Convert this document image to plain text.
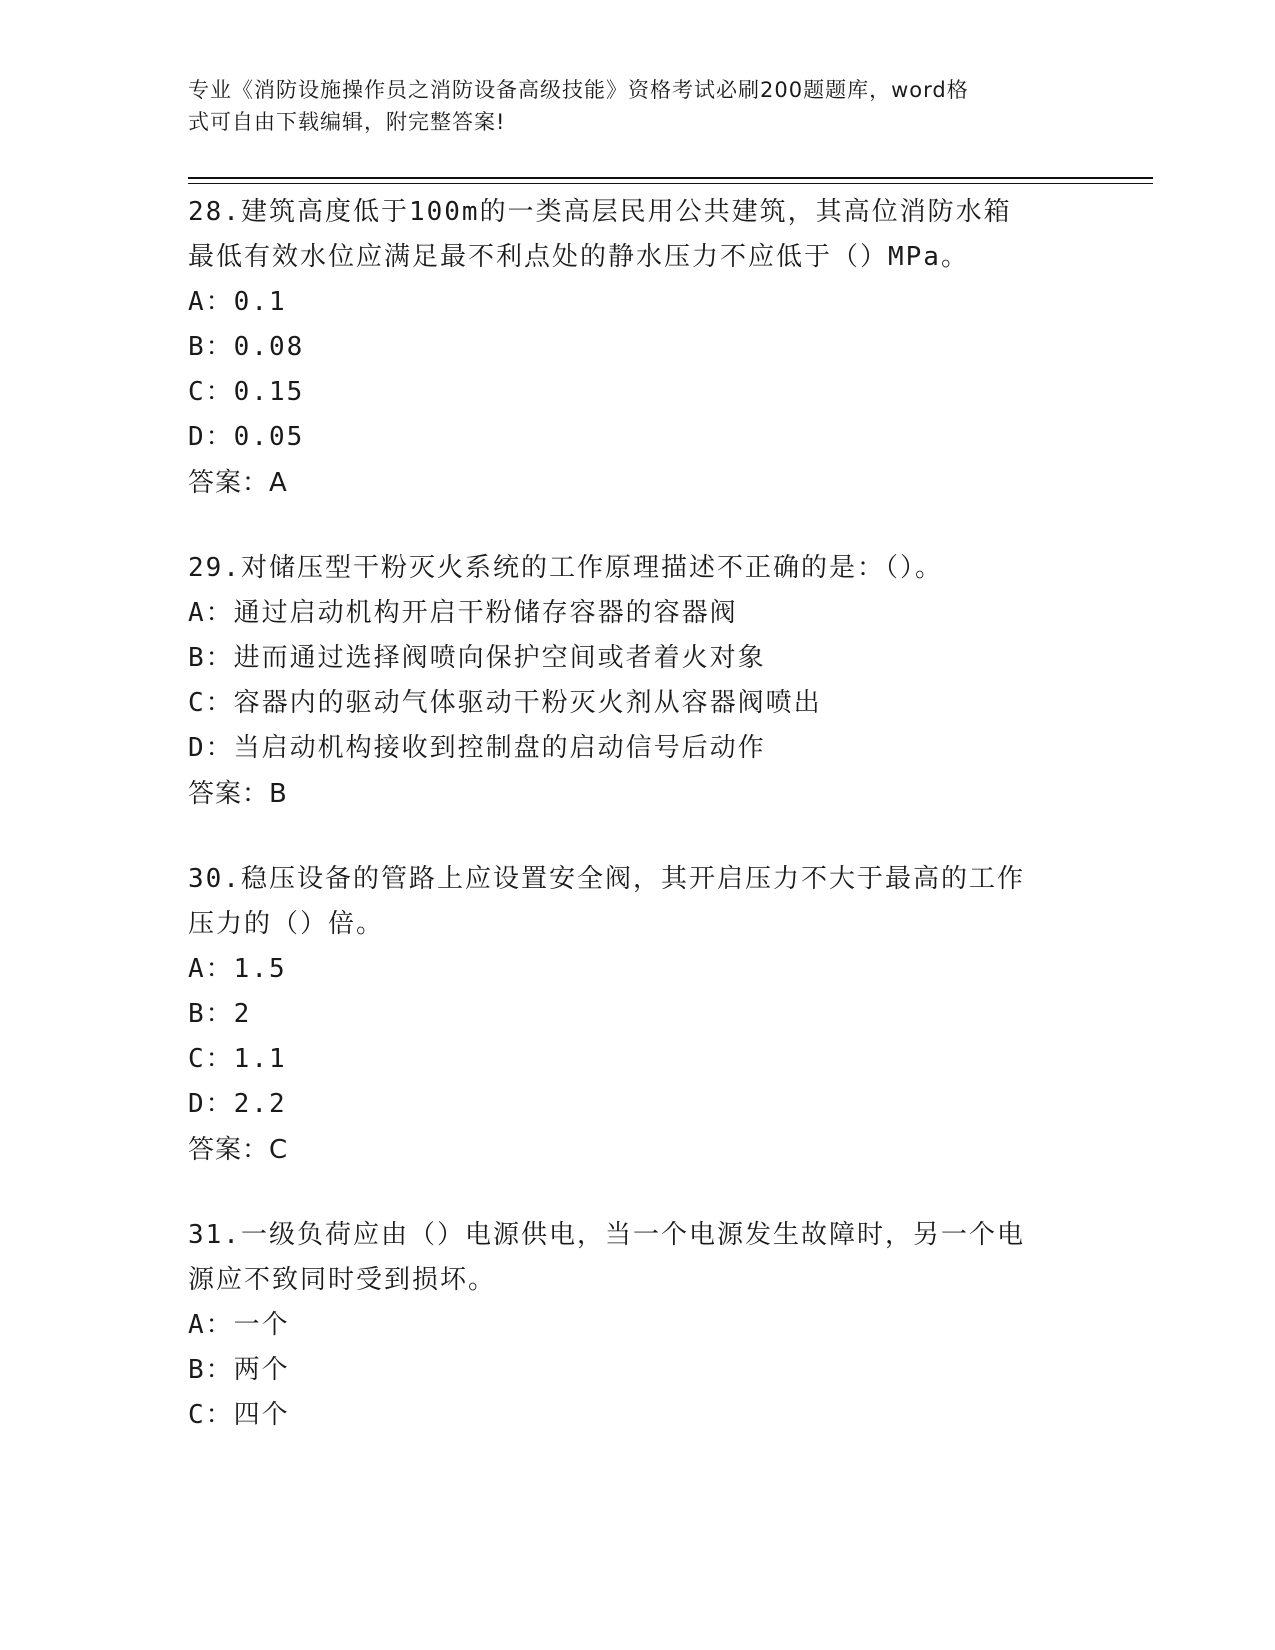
专业《消防设施操作员之消防设备高级技能》资格考试必刷200题题库，word格
式可自由下载编辑，附完整答案!

28.建筑高度低于100m的一类高层民用公共建筑，其高位消防水箱最低有效水位应满足最不利点处的静水压力不应低于（）MPa。

A：0.1

B：0.08

C：0.15

D：0.05

答案：A

29.对储压型干粉灭火系统的工作原理描述不正确的是：（）。

A：通过启动机构开启干粉储存容器的容器阀

B：进而通过选择阀喷向保护空间或者着火对象

C：容器内的驱动气体驱动干粉灭火剂从容器阀喷出

D：当启动机构接收到控制盘的启动信号后动作

答案：B

30.稳压设备的管路上应设置安全阀，其开启压力不大于最高的工作压力的（）倍。

A：1.5

B：2

C：1.1

D：2.2

答案：C

31.一级负荷应由（）电源供电，当一个电源发生故障时，另一个电源应不致同时受到损坏。

A：一个

B：两个

C：四个
